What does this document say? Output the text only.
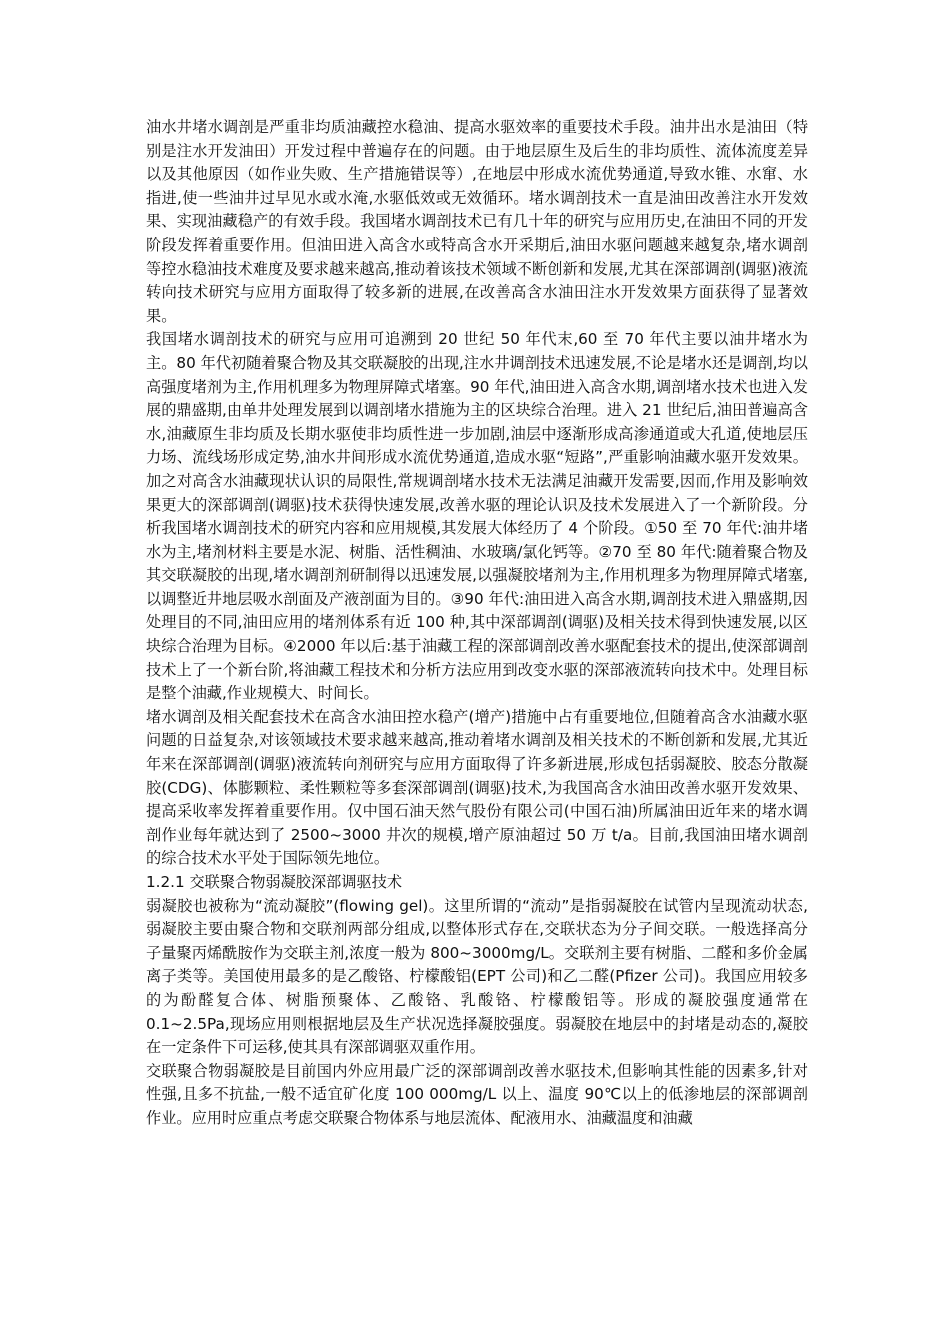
油水井堵水调剖是严重非均质油藏控水稳油、提高水驱效率的重要技术手段。油井出水是油田（特别是注水开发油田）开发过程中普遍存在的问题。由于地层原生及后生的非均质性、流体流度差异以及其他原因（如作业失败、生产措施错误等）,在地层中形成水流优势通道,导致水锥、水窜、水指进,使一些油井过早见水或水淹,水驱低效或无效循环。堵水调剖技术一直是油田改善注水开发效果、实现油藏稳产的有效手段。我国堵水调剖技术已有几十年的研究与应用历史,在油田不同的开发阶段发挥着重要作用。但油田进入高含水或特高含水开采期后,油田水驱问题越来越复杂,堵水调剖等控水稳油技术难度及要求越来越高,推动着该技术领域不断创新和发展,尤其在深部调剖(调驱)液流转向技术研究与应用方面取得了较多新的进展,在改善高含水油田注水开发效果方面获得了显著效果。

我国堵水调剖技术的研究与应用可追溯到 20 世纪 50 年代末,60 至 70 年代主要以油井堵水为主。80 年代初随着聚合物及其交联凝胶的出现,注水井调剖技术迅速发展,不论是堵水还是调剖,均以高强度堵剂为主,作用机理多为物理屏障式堵塞。90 年代,油田进入高含水期,调剖堵水技术也进入发展的鼎盛期,由单井处理发展到以调剖堵水措施为主的区块综合治理。进入 21 世纪后,油田普遍高含水,油藏原生非均质及长期水驱使非均质性进一步加剧,油层中逐渐形成高渗通道或大孔道,使地层压力场、流线场形成定势,油水井间形成水流优势通道,造成水驱“短路”,严重影响油藏水驱开发效果。加之对高含水油藏现状认识的局限性,常规调剖堵水技术无法满足油藏开发需要,因而,作用及影响效果更大的深部调剖(调驱)技术获得快速发展,改善水驱的理论认识及技术发展进入了一个新阶段。分析我国堵水调剖技术的研究内容和应用规模,其发展大体经历了 4 个阶段。①50 至 70 年代:油井堵水为主,堵剂材料主要是水泥、树脂、活性稠油、水玻璃/氯化钙等。②70 至 80 年代:随着聚合物及其交联凝胶的出现,堵水调剖剂研制得以迅速发展,以强凝胶堵剂为主,作用机理多为物理屏障式堵塞,以调整近井地层吸水剖面及产液剖面为目的。③90 年代:油田进入高含水期,调剖技术进入鼎盛期,因处理目的不同,油田应用的堵剂体系有近 100 种,其中深部调剖(调驱)及相关技术得到快速发展,以区块综合治理为目标。④2000 年以后:基于油藏工程的深部调剖改善水驱配套技术的提出,使深部调剖技术上了一个新台阶,将油藏工程技术和分析方法应用到改变水驱的深部液流转向技术中。处理目标是整个油藏,作业规模大、时间长。

堵水调剖及相关配套技术在高含水油田控水稳产(增产)措施中占有重要地位,但随着高含水油藏水驱问题的日益复杂,对该领域技术要求越来越高,推动着堵水调剖及相关技术的不断创新和发展,尤其近年来在深部调剖(调驱)液流转向剂研究与应用方面取得了许多新进展,形成包括弱凝胶、胶态分散凝胶(CDG)、体膨颗粒、柔性颗粒等多套深部调剖(调驱)技术,为我国高含水油田改善水驱开发效果、提高采收率发挥着重要作用。仅中国石油天然气股份有限公司(中国石油)所属油田近年来的堵水调剖作业每年就达到了 2500~3000 井次的规模,增产原油超过 50 万 t/a。目前,我国油田堵水调剖的综合技术水平处于国际领先地位。

1.2.1 交联聚合物弱凝胶深部调驱技术

弱凝胶也被称为“流动凝胶”(flowing gel)。这里所谓的“流动”是指弱凝胶在试管内呈现流动状态,弱凝胶主要由聚合物和交联剂两部分组成,以整体形式存在,交联状态为分子间交联。一般选择高分子量聚丙烯酰胺作为交联主剂,浓度一般为 800~3000mg/L。交联剂主要有树脂、二醛和多价金属离子类等。美国使用最多的是乙酸铬、柠檬酸铝(EPT 公司)和乙二醛(Pfizer 公司)。我国应用较多的为酚醛复合体、树脂预聚体、乙酸铬、乳酸铬、柠檬酸铝等。形成的凝胶强度通常在 0.1~2.5Pa,现场应用则根据地层及生产状况选择凝胶强度。弱凝胶在地层中的封堵是动态的,凝胶在一定条件下可运移,使其具有深部调驱双重作用。

交联聚合物弱凝胶是目前国内外应用最广泛的深部调剖改善水驱技术,但影响其性能的因素多,针对性强,且多不抗盐,一般不适宜矿化度 100 000mg/L 以上、温度 90℃以上的低渗地层的深部调剖作业。应用时应重点考虑交联聚合物体系与地层流体、配液用水、油藏温度和油藏
